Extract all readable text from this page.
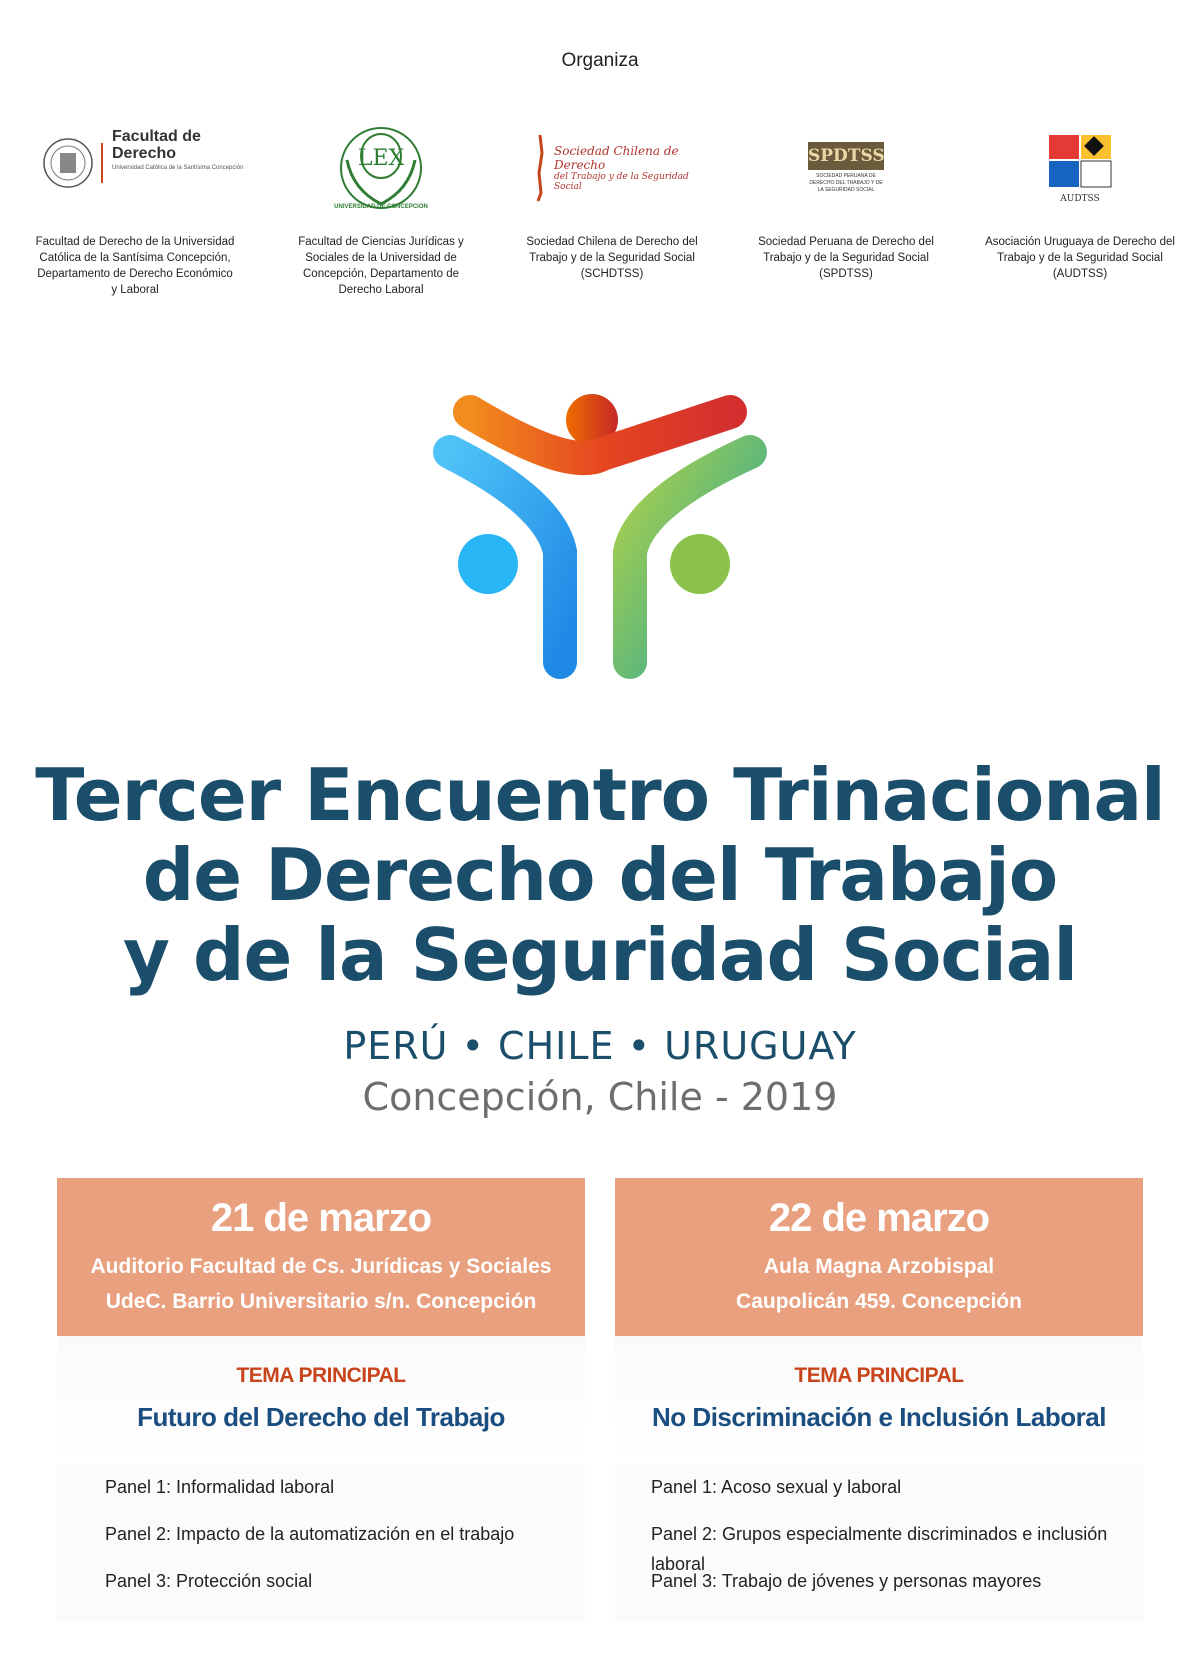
Organiza
Facultad de
Derecho
Universidad Católica de la Santísima Concepción
Facultad de Derecho de la Universidad Católica de la Santísima Concepción, Departamento de Derecho Económico y Laboral
LEX
UNIVERSIDAD DE CONCEPCION
Facultad de Ciencias Jurídicas y Sociales de la Universidad de Concepción, Departamento de Derecho Laboral
Sociedad Chilena de Derecho
del Trabajo y de la Seguridad Social
Sociedad Chilena de Derecho del Trabajo y de la Seguridad Social (SCHDTSS)
SPDTSS
SOCIEDAD PERUANA DE DERECHO DEL TRABAJO Y DE LA SEGURIDAD SOCIAL
Sociedad Peruana de Derecho del Trabajo y de la Seguridad Social (SPDTSS)
AUDTSS
Asociación Uruguaya de Derecho del Trabajo y de la Seguridad Social (AUDTSS)
Tercer Encuentro Trinacional
de Derecho del Trabajo
y de la Seguridad Social
PERÚ • CHILE • URUGUAY
Concepción, Chile - 2019
21 de marzo
Auditorio Facultad de Cs. Jurídicas y Sociales
UdeC. Barrio Universitario s/n. Concepción
TEMA PRINCIPAL
Futuro del Derecho del Trabajo
Panel 1: Informalidad laboral
Panel 2: Impacto de la automatización en el trabajo
Panel 3: Protección social
22 de marzo
Aula Magna Arzobispal
Caupolicán 459. Concepción
TEMA PRINCIPAL
No Discriminación e Inclusión Laboral
Panel 1: Acoso sexual y laboral
Panel 2: Grupos especialmente discriminados e inclusión laboral
Panel 3: Trabajo de jóvenes y personas mayores
